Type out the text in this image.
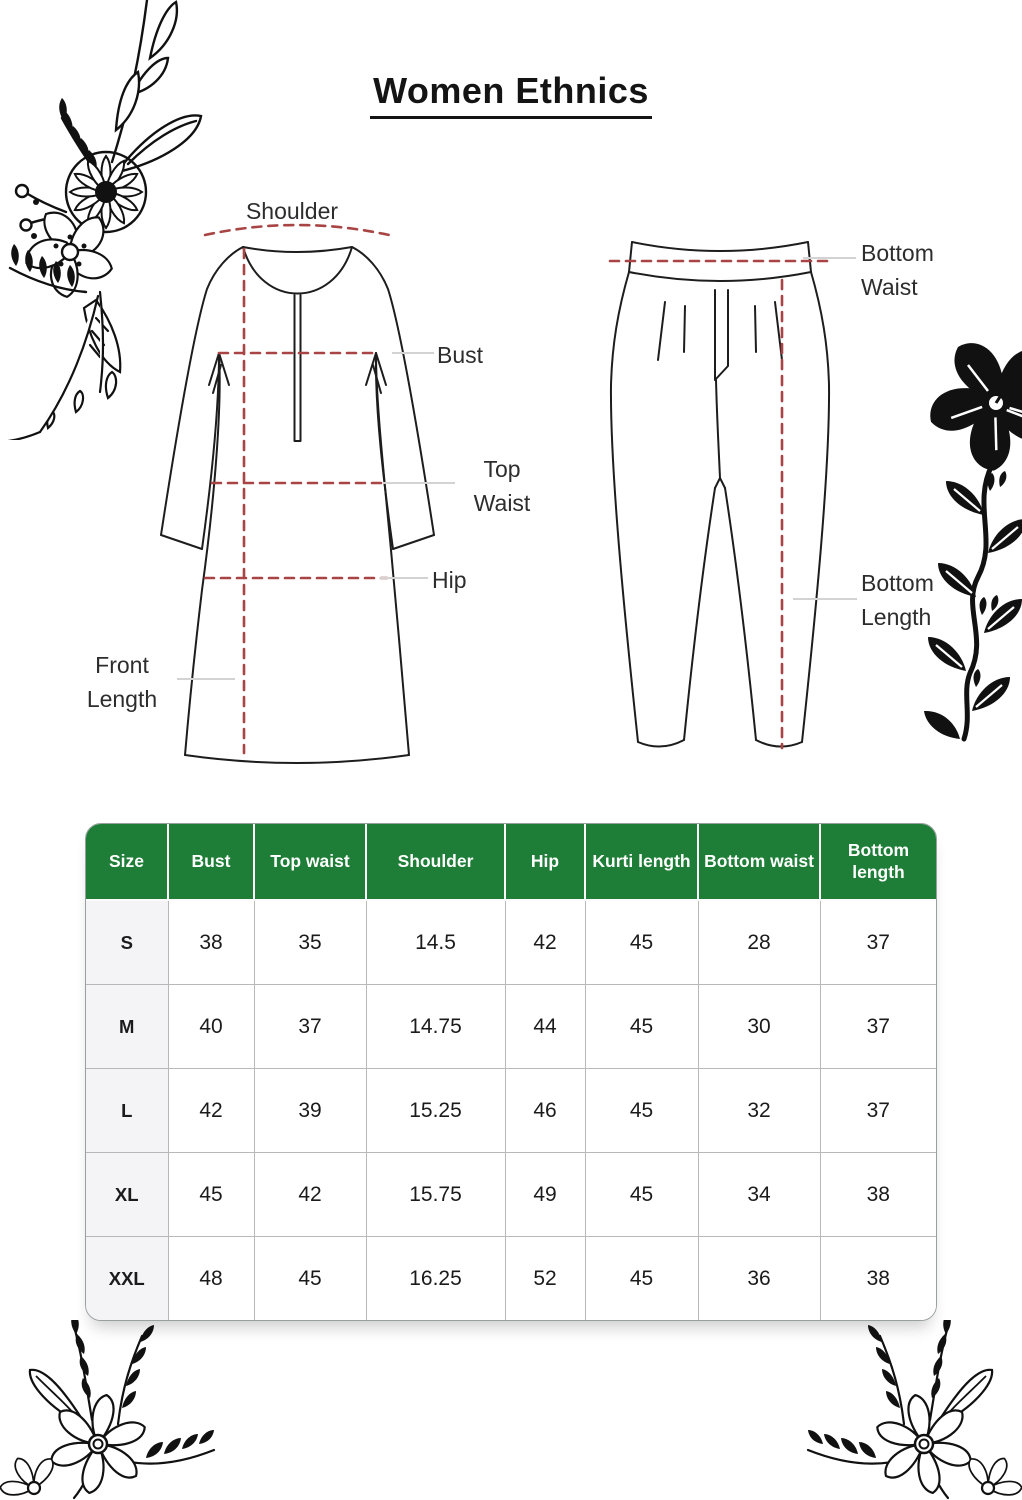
Women Ethnics
Shoulder
Bust
Top Waist
Hip
Front Length
Bottom Waist
Bottom Length
Size	Bust	Top waist	Shoulder	Hip	Kurti length	Bottom waist	Bottom length
S	38	35	14.5	42	45	28	37
M	40	37	14.75	44	45	30	37
L	42	39	15.25	46	45	32	37
XL	45	42	15.75	49	45	34	38
XXL	48	45	16.25	52	45	36	38
